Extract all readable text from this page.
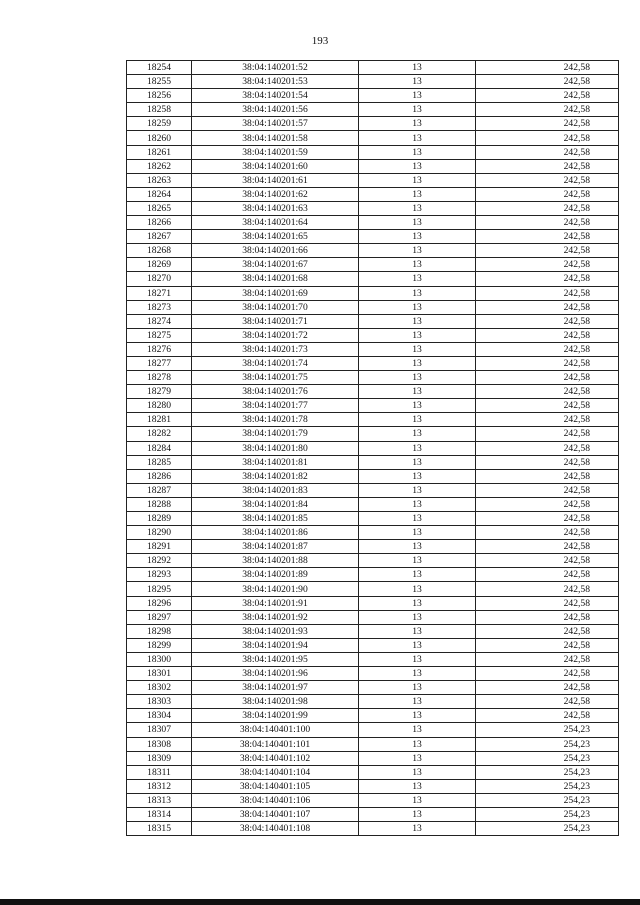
193
18254	38:04:140201:52	13	242,58
18255	38:04:140201:53	13	242,58
18256	38:04:140201:54	13	242,58
18258	38:04:140201:56	13	242,58
18259	38:04:140201:57	13	242,58
18260	38:04:140201:58	13	242,58
18261	38:04:140201:59	13	242,58
18262	38:04:140201:60	13	242,58
18263	38:04:140201:61	13	242,58
18264	38:04:140201:62	13	242,58
18265	38:04:140201:63	13	242,58
18266	38:04:140201:64	13	242,58
18267	38:04:140201:65	13	242,58
18268	38:04:140201:66	13	242,58
18269	38:04:140201:67	13	242,58
18270	38:04:140201:68	13	242,58
18271	38:04:140201:69	13	242,58
18273	38:04:140201:70	13	242,58
18274	38:04:140201:71	13	242,58
18275	38:04:140201:72	13	242,58
18276	38:04:140201:73	13	242,58
18277	38:04:140201:74	13	242,58
18278	38:04:140201:75	13	242,58
18279	38:04:140201:76	13	242,58
18280	38:04:140201:77	13	242,58
18281	38:04:140201:78	13	242,58
18282	38:04:140201:79	13	242,58
18284	38:04:140201:80	13	242,58
18285	38:04:140201:81	13	242,58
18286	38:04:140201:82	13	242,58
18287	38:04:140201:83	13	242,58
18288	38:04:140201:84	13	242,58
18289	38:04:140201:85	13	242,58
18290	38:04:140201:86	13	242,58
18291	38:04:140201:87	13	242,58
18292	38:04:140201:88	13	242,58
18293	38:04:140201:89	13	242,58
18295	38:04:140201:90	13	242,58
18296	38:04:140201:91	13	242,58
18297	38:04:140201:92	13	242,58
18298	38:04:140201:93	13	242,58
18299	38:04:140201:94	13	242,58
18300	38:04:140201:95	13	242,58
18301	38:04:140201:96	13	242,58
18302	38:04:140201:97	13	242,58
18303	38:04:140201:98	13	242,58
18304	38:04:140201:99	13	242,58
18307	38:04:140401:100	13	254,23
18308	38:04:140401:101	13	254,23
18309	38:04:140401:102	13	254,23
18311	38:04:140401:104	13	254,23
18312	38:04:140401:105	13	254,23
18313	38:04:140401:106	13	254,23
18314	38:04:140401:107	13	254,23
18315	38:04:140401:108	13	254,23
